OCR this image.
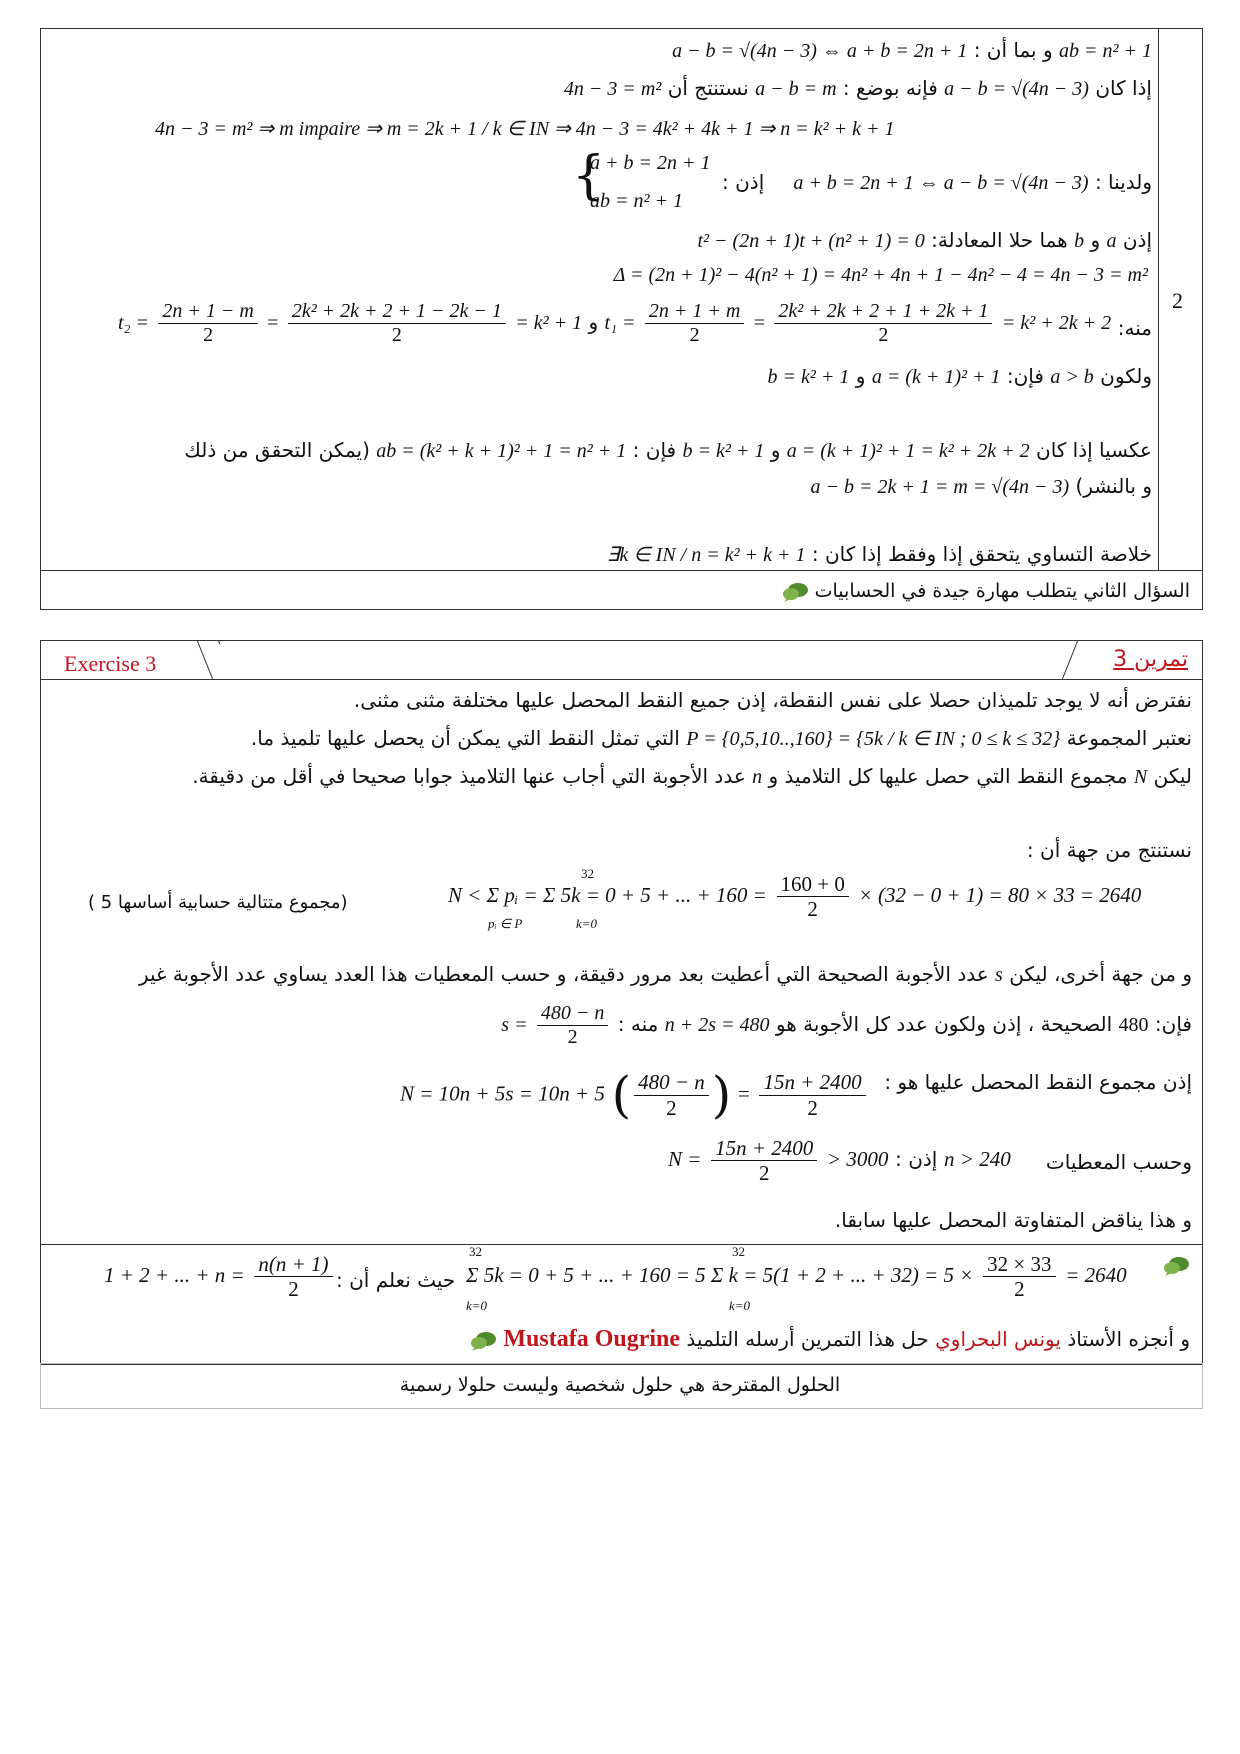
2
a − b = √(4n − 3) ⇔ a + b = 2n + 1 و بما أن : ab = n² + 1
4n − 3 = m² نستنتج أن a − b = m فإنه بوضع : a − b = √(4n − 3) إذا كان
4n − 3 = m² ⇒ m impaire ⇒ m = 2k + 1 / k ∈ IN ⇒ 4n − 3 = 4k² + 4k + 1 ⇒ n = k² + k + 1
a + b = 2n + 1 ⇔ a − b = √(4n − 3) ولدينا :
إذن :
{
a + b = 2n + 1
ab = n² + 1
t² − (2n + 1)t + (n² + 1) = 0 هما حلا المعادلة: b و a إذن
Δ = (2n + 1)² − 4(n² + 1) = 4n² + 4n + 1 − 4n² − 4 = 4n − 3 = m²
$t_2 = \frac{2n + 1 - m}{2} = \frac{\text{2k² + 2k + 2 + 1 − 2k − 1}}{2} = k^2 + 1$ و $t_1 = \frac{2n + 1 + m}{2} = \frac{\text{2k² + 2k + 2 + 1 + 2k + 1}}{2} = k^2 + 2k + 2$ منه:
b = k² + 1 و a = (k + 1)² + 1 فإن: a > b ولكون
(يمكن التحقق من ذلك ab = (k² + k + 1)² + 1 = n² + 1 فإن : b = k² + 1 و a = (k + 1)² + 1 = k² + 2k + 2 عكسيا إذا كان
a − b = 2k + 1 = m = √(4n − 3)	و بالنشر)
∃k ∈ IN / n = k² + k + 1 خلاصة التساوي يتحقق إذا وفقط إذا كان :
السؤال الثاني يتطلب مهارة جيدة في الحسابيات
Exercise 3	تمرين 3
نفترض أنه لا يوجد تلميذان حصلا على نفس النقطة، إذن جميع النقط المحصل عليها مختلفة مثنى مثنى.
التي تمثل النقط التي يمكن أن يحصل عليها تلميذ ما. P = {0,5,10..,160} = {5k / k ∈ IN ; 0 ≤ k ≤ 32} نعتبر المجموعة
عدد الأجوبة التي أجاب عنها التلاميذ جوابا صحيحا في أقل من دقيقة. n مجموع النقط التي حصل عليها كل التلاميذ و N ليكن
نستنتج من جهة أن :
N < Σ pᵢ = Σ 5k = 0 + 5 + ... + $160 = \frac{160 + 0}{2} \times (32 - 0 + 1) = 80 \times 33 = 2640$
32
pᵢ ∈ P	k=0
(مجموع متتالية حسابية أساسها 5 )
عدد الأجوبة الصحيحة التي أعطيت بعد مرور دقيقة، و حسب المعطيات هذا العدد يساوي عدد الأجوبة غير s و من جهة أخرى، ليكن
$s = \frac{480 - n}{2}$ منه : n + 2s = 480	فإن: 480 الصحيحة ، إذن ولكون عدد كل الأجوبة هو
إذن مجموع النقط المحصل عليها هو :
N = 10n + 5s = 10n + 5 ( $\frac{480 - n}{2}$ ) = $\frac{15n + 2400}{2}$
وحسب المعطيات
$N = \frac{15n + 2400}{2} > 3000$ إذن : n > 240
و هذا يناقض المتفاوتة المحصل عليها سابقا.
1 + 2 + ... + $n = \frac{n(n + 1)}{2}$	Σ 5k = 0 + 5 + ... + 160 = 5 Σ k = 5(1 + 2 + ... + $32) = 5 \times \frac{32 \times 33}{2} = 2640$
حيث نعلم أن :
32
k=0
32
k=0
Mustafa Ougrine	و أنجزه الأستاذ يونس البحراوي حل هذا التمرين أرسله التلميذ
الحلول المقترحة هي حلول شخصية وليست حلولا رسمية
